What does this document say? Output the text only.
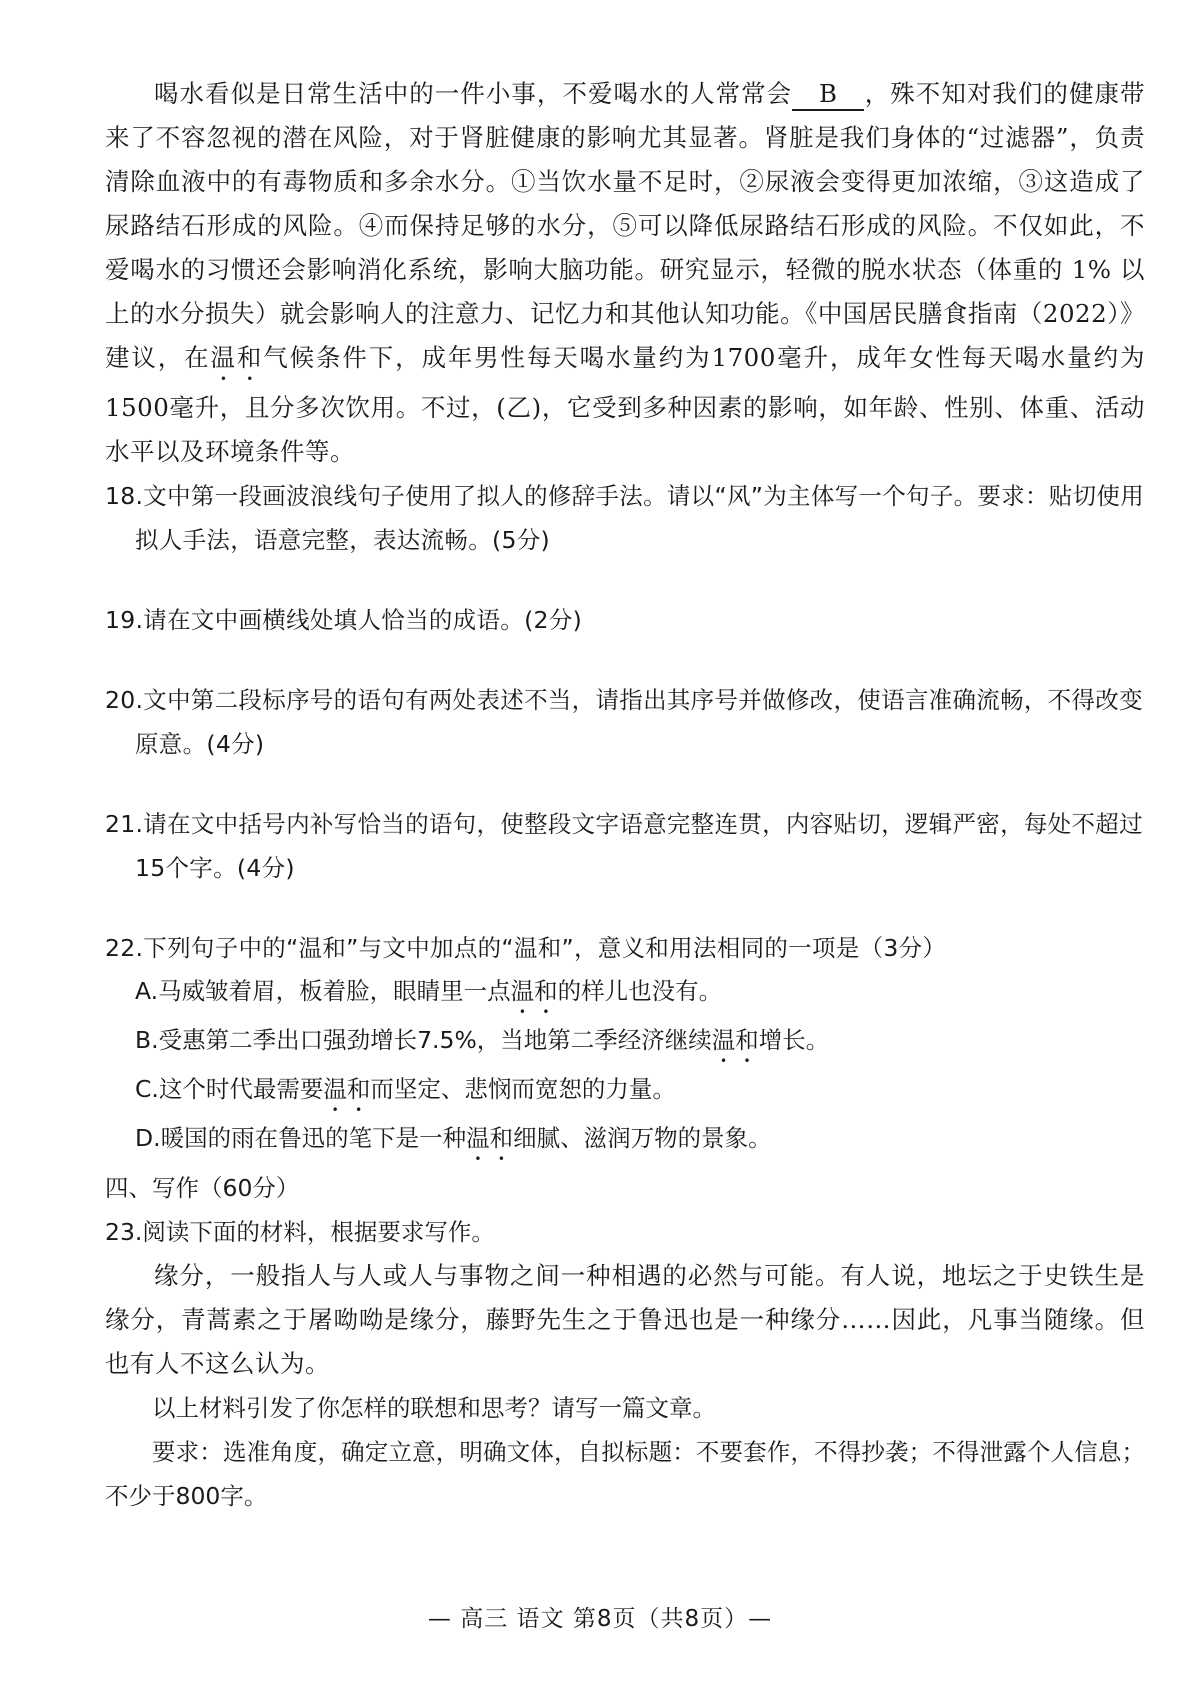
喝水看似是日常生活中的一件小事，不爱喝水的人常常会 B ，殊不知对我们的健康带来了不容忽视的潜在风险，对于肾脏健康的影响尤其显著。肾脏是我们身体的“过滤器”，负责清除血液中的有毒物质和多余水分。①当饮水量不足时，②尿液会变得更加浓缩，③这造成了尿路结石形成的风险。④而保持足够的水分，⑤可以降低尿路结石形成的风险。不仅如此，不爱喝水的习惯还会影响消化系统，影响大脑功能。研究显示，轻微的脱水状态（体重的 1% 以上的水分损失）就会影响人的注意力、记忆力和其他认知功能。《中国居民膳食指南（2022）》建议，在温和气候条件下，成年男性每天喝水量约为1700毫升，成年女性每天喝水量约为1500毫升，且分多次饮用。不过，(乙)，它受到多种因素的影响，如年龄、性别、体重、活动水平以及环境条件等。

18.文中第一段画波浪线句子使用了拟人的修辞手法。请以“风”为主体写一个句子。要求：贴切使用拟人手法，语意完整，表达流畅。(5分)

19.请在文中画横线处填人恰当的成语。(2分)

20.文中第二段标序号的语句有两处表述不当，请指出其序号并做修改，使语言准确流畅，不得改变原意。(4分)

21.请在文中括号内补写恰当的语句，使整段文字语意完整连贯，内容贴切，逻辑严密，每处不超过15个字。(4分)

22.下列句子中的“温和”与文中加点的“温和”，意义和用法相同的一项是（3分）

A.马威皱着眉，板着脸，眼睛里一点温和的样儿也没有。

B.受惠第二季出口强劲增长7.5%，当地第二季经济继续温和增长。

C.这个时代最需要温和而坚定、悲悯而宽恕的力量。

D.暖国的雨在鲁迅的笔下是一种温和细腻、滋润万物的景象。

四、写作（60分）

23.阅读下面的材料，根据要求写作。

缘分，一般指人与人或人与事物之间一种相遇的必然与可能。有人说，地坛之于史铁生是缘分，青蒿素之于屠呦呦是缘分，藤野先生之于鲁迅也是一种缘分……因此，凡事当随缘。但也有人不这么认为。

以上材料引发了你怎样的联想和思考？请写一篇文章。

要求：选准角度，确定立意，明确文体，自拟标题：不要套作，不得抄袭；不得泄露个人信息；不少于800字。

— 高三 语文 第8页（共8页）—
